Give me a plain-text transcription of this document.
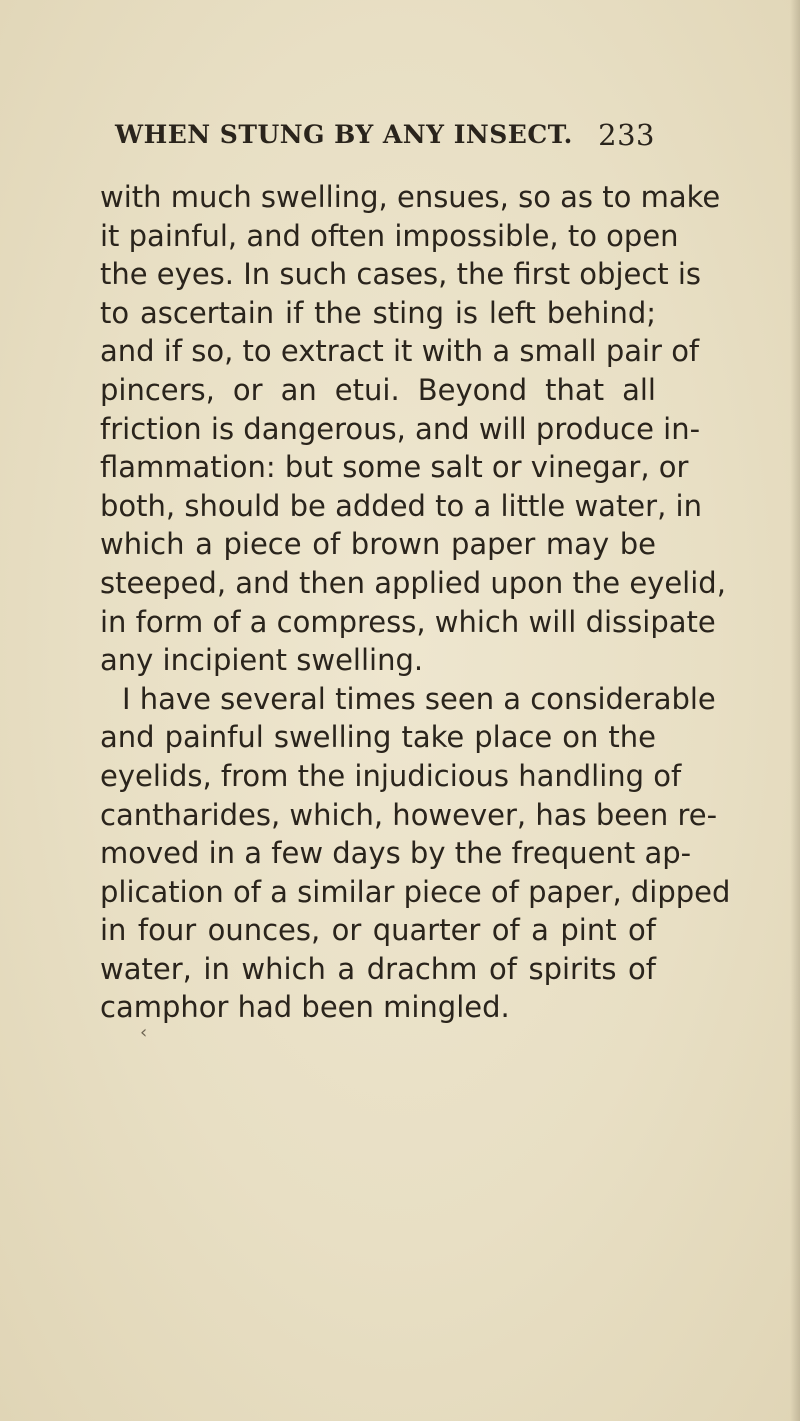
WHEN STUNG BY ANY INSECT. 233
with much swelling, ensues, so as to make
it painful, and often impossible, to open
the eyes. In such cases, the first object is
to ascertain if the sting is left behind;
and if so, to extract it with a small pair of
pincers, or an etui. Beyond that all
friction is dangerous, and will produce in-
flammation: but some salt or vinegar, or
both, should be added to a little water, in
which a piece of brown paper may be
steeped, and then applied upon the eyelid,
in form of a compress, which will dissipate
any incipient swelling.
I have several times seen a considerable
and painful swelling take place on the
eyelids, from the injudicious handling of
cantharides, which, however, has been re-
moved in a few days by the frequent ap-
plication of a similar piece of paper, dipped
in four ounces, or quarter of a pint of
water, in which a drachm of spirits of
camphor had been mingled.
‹
